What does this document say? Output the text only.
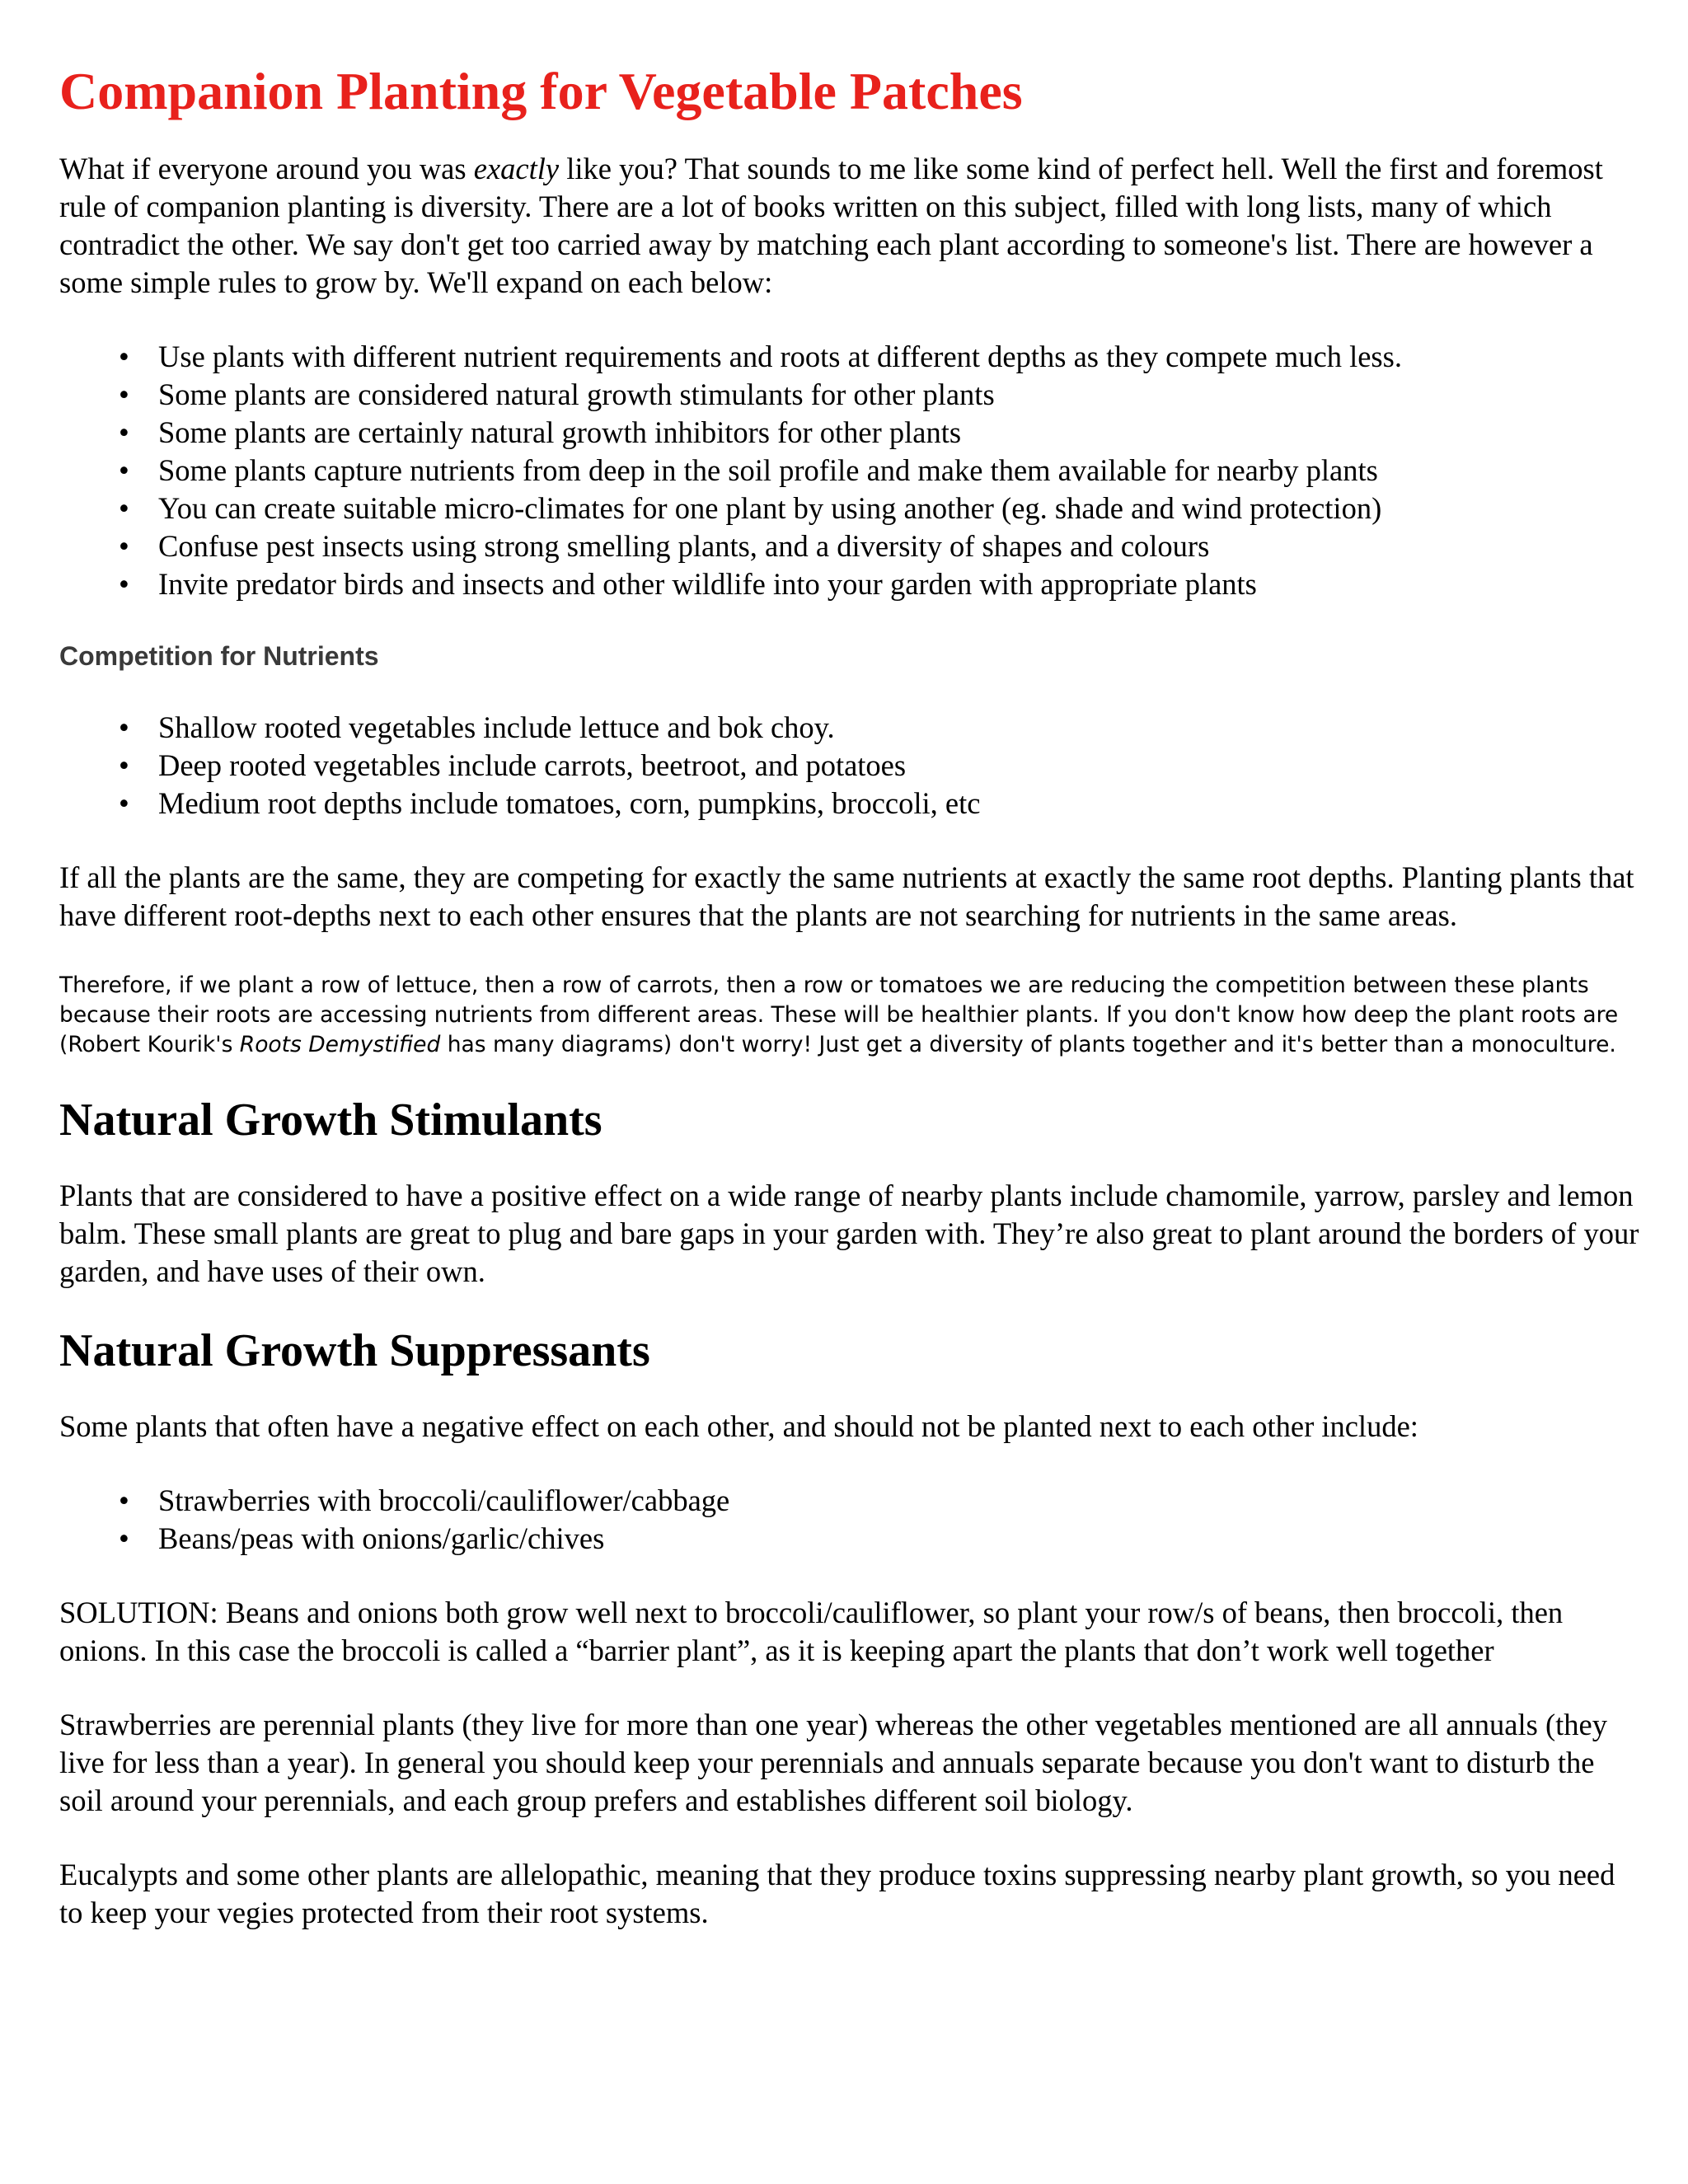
Companion Planting for Vegetable Patches

What if everyone around you was exactly like you? That sounds to me like some kind of perfect hell. Well the first and foremost rule of companion planting is diversity. There are a lot of books written on this subject, filled with long lists, many of which contradict the other. We say don't get too carried away by matching each plant according to someone's list. There are however a some simple rules to grow by. We'll expand on each below:

• Use plants with different nutrient requirements and roots at different depths as they compete much less.
• Some plants are considered natural growth stimulants for other plants
• Some plants are certainly natural growth inhibitors for other plants
• Some plants capture nutrients from deep in the soil profile and make them available for nearby plants
• You can create suitable micro-climates for one plant by using another (eg. shade and wind protection)
• Confuse pest insects using strong smelling plants, and a diversity of shapes and colours
• Invite predator birds and insects and other wildlife into your garden with appropriate plants
Competition for Nutrients
• Shallow rooted vegetables include lettuce and bok choy.
• Deep rooted vegetables include carrots, beetroot, and potatoes
• Medium root depths include tomatoes, corn, pumpkins, broccoli, etc

If all the plants are the same, they are competing for exactly the same nutrients at exactly the same root depths. Planting plants that have different root-depths next to each other ensures that the plants are not searching for nutrients in the same areas.

Therefore, if we plant a row of lettuce, then a row of carrots, then a row or tomatoes we are reducing the competition between these plants because their roots are accessing nutrients from different areas. These will be healthier plants. If you don't know how deep the plant roots are (Robert Kourik's Roots Demystified has many diagrams) don't worry! Just get a diversity of plants together and it's better than a monoculture.

Natural Growth Stimulants

Plants that are considered to have a positive effect on a wide range of nearby plants include chamomile, yarrow, parsley and lemon balm. These small plants are great to plug and bare gaps in your garden with. They’re also great to plant around the borders of your garden, and have uses of their own.

Natural Growth Suppressants

Some plants that often have a negative effect on each other, and should not be planted next to each other include:

• Strawberries with broccoli/cauliflower/cabbage
• Beans/peas with onions/garlic/chives

SOLUTION: Beans and onions both grow well next to broccoli/cauliflower, so plant your row/s of beans, then broccoli, then onions. In this case the broccoli is called a “barrier plant”, as it is keeping apart the plants that don’t work well together

Strawberries are perennial plants (they live for more than one year) whereas the other vegetables mentioned are all annuals (they live for less than a year). In general you should keep your perennials and annuals separate because you don't want to disturb the soil around your perennials, and each group prefers and establishes different soil biology.

Eucalypts and some other plants are allelopathic, meaning that they produce toxins suppressing nearby plant growth, so you need to keep your vegies protected from their root systems.
